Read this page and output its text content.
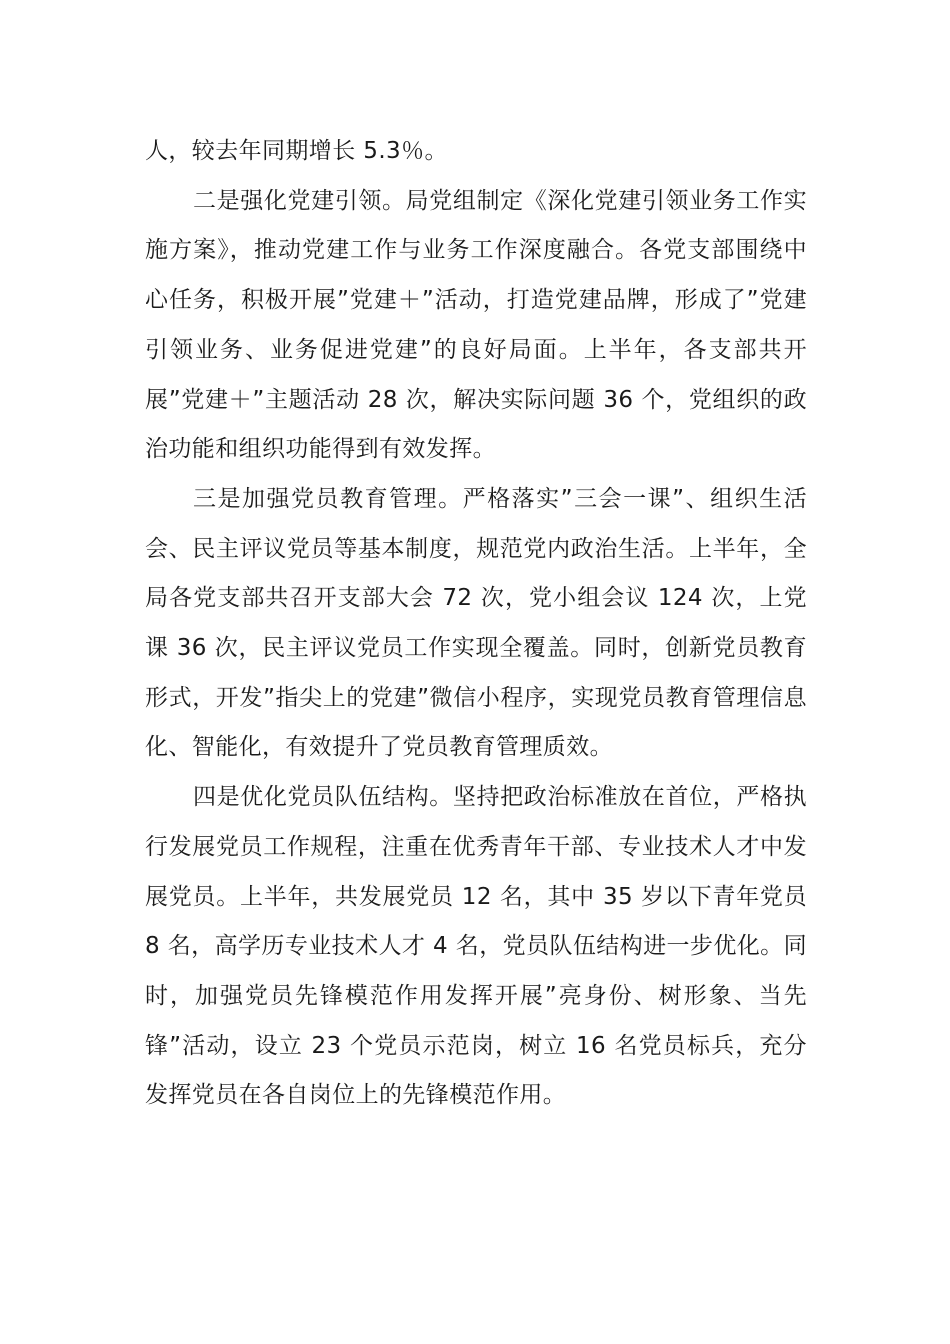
人，较去年同期增长 5.3％。

二是强化党建引领。局党组制定《深化党建引领业务工作实施方案》，推动党建工作与业务工作深度融合。各党支部围绕中心任务，积极开展”党建＋”活动，打造党建品牌，形成了”党建引领业务、业务促进党建”的良好局面。上半年，各支部共开展”党建＋”主题活动 28 次，解决实际问题 36 个，党组织的政治功能和组织功能得到有效发挥。

三是加强党员教育管理。严格落实”三会一课”、组织生活会、民主评议党员等基本制度，规范党内政治生活。上半年，全局各党支部共召开支部大会 72 次，党小组会议 124 次，上党课 36 次，民主评议党员工作实现全覆盖。同时，创新党员教育形式，开发”指尖上的党建”微信小程序，实现党员教育管理信息化、智能化，有效提升了党员教育管理质效。

四是优化党员队伍结构。坚持把政治标准放在首位，严格执行发展党员工作规程，注重在优秀青年干部、专业技术人才中发展党员。上半年，共发展党员 12 名，其中 35 岁以下青年党员 8 名，高学历专业技术人才 4 名，党员队伍结构进一步优化。同时，加强党员先锋模范作用发挥开展”亮身份、树形象、当先锋”活动，设立 23 个党员示范岗，树立 16 名党员标兵，充分发挥党员在各自岗位上的先锋模范作用。
